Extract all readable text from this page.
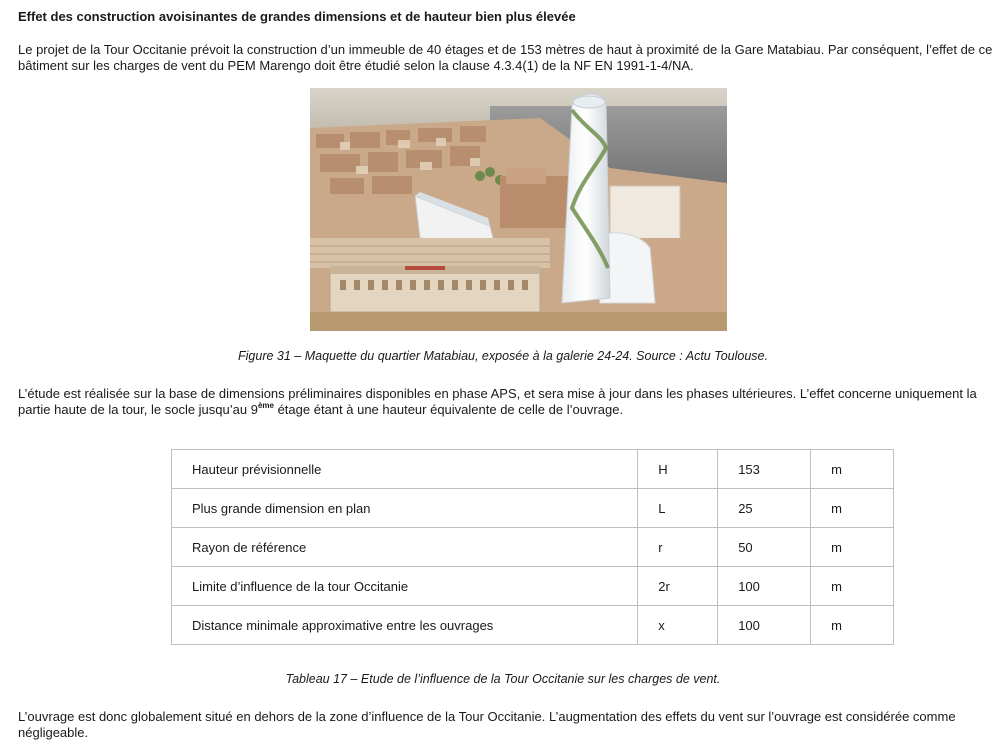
Effet des construction avoisinantes de grandes dimensions et de hauteur bien plus élevée
Le projet de la Tour Occitanie prévoit la construction d’un immeuble de 40 étages et de 153 mètres de haut à proximité de la Gare Matabiau. Par conséquent, l’effet de ce bâtiment sur les charges de vent du PEM Marengo doit être étudié selon la clause 4.3.4(1) de la NF EN 1991-1-4/NA.
Figure 31 – Maquette du quartier Matabiau, exposée à la galerie 24-24. Source : Actu Toulouse.
L’étude est réalisée sur la base de dimensions préliminaires disponibles en phase APS, et sera mise à jour dans les phases ultérieures. L’effet concerne uniquement la partie haute de la tour, le socle jusqu’au 9ème étage étant à une hauteur équivalente de celle de l’ouvrage.
Hauteur prévisionnelle	H	153	m
Plus grande dimension en plan	L	25	m
Rayon de référence	r	50	m
Limite d’influence de la tour Occitanie	2r	100	m
Distance minimale approximative entre les ouvrages	x	100	m
Tableau 17 – Etude de l’influence de la Tour Occitanie sur les charges de vent.
L’ouvrage est donc globalement situé en dehors de la zone d’influence de la Tour Occitanie. L’augmentation des effets du vent sur l’ouvrage est considérée comme négligeable.
